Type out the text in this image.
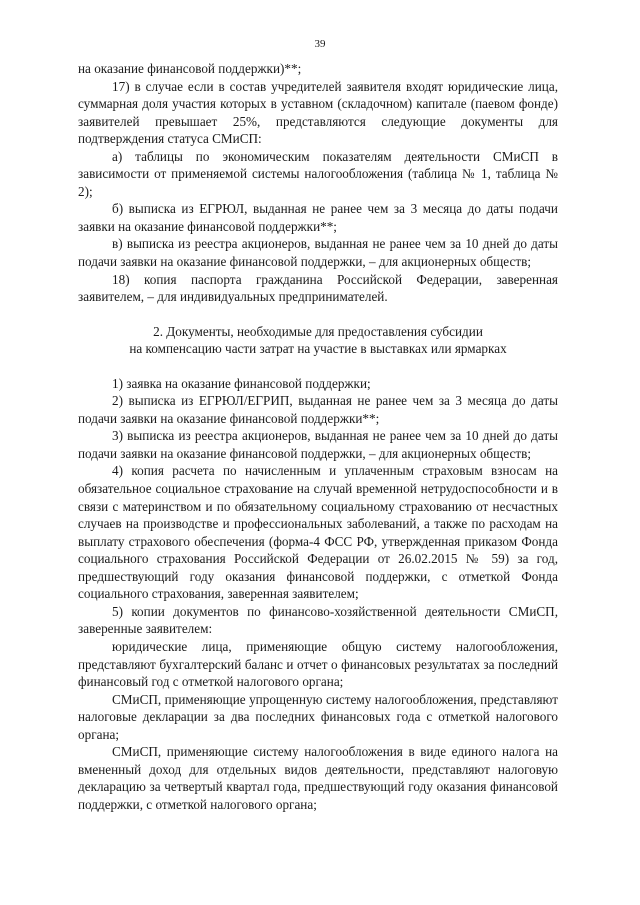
39

на оказание финансовой поддержки)**;

17) в случае если в состав учредителей заявителя входят юридические лица, суммарная доля участия которых в уставном (складочном) капитале (паевом фонде) заявителей превышает 25%, представляются следующие документы для подтверждения статуса СМиСП:

а) таблицы по экономическим показателям деятельности СМиСП в зависимости от применяемой системы налогообложения (таблица № 1, таблица № 2);

б) выписка из ЕГРЮЛ, выданная не ранее чем за 3 месяца до даты подачи заявки на оказание финансовой поддержки**;

в) выписка из реестра акционеров, выданная не ранее чем за 10 дней до даты подачи заявки на оказание финансовой поддержки, – для акционерных обществ;

18) копия паспорта гражданина Российской Федерации, заверенная заявителем, – для индивидуальных предпринимателей.

2. Документы, необходимые для предоставления субсидии

на компенсацию части затрат на участие в выставках или ярмарках

1) заявка на оказание финансовой поддержки;

2) выписка из ЕГРЮЛ/ЕГРИП, выданная не ранее чем за 3 месяца до даты подачи заявки на оказание финансовой поддержки**;

3) выписка из реестра акционеров, выданная не ранее чем за 10 дней до даты подачи заявки на оказание финансовой поддержки, – для акционерных обществ;

4) копия расчета по начисленным и уплаченным страховым взносам на обязательное социальное страхование на случай временной нетрудоспособности и в связи с материнством и по обязательному социальному страхованию от несчастных случаев на производстве и профессиональных заболеваний, а также по расходам на выплату страхового обеспечения (форма-4 ФСС РФ, утвержденная приказом Фонда социального страхования Российской Федерации от 26.02.2015 № 59) за год, предшествующий году оказания финансовой поддержки, с отметкой Фонда социального страхования, заверенная заявителем;

5) копии документов по финансово-хозяйственной деятельности СМиСП, заверенные заявителем:

юридические лица, применяющие общую систему налогообложения, представляют бухгалтерский баланс и отчет о финансовых результатах за последний финансовый год с отметкой налогового органа;

СМиСП, применяющие упрощенную систему налогообложения, представляют налоговые декларации за два последних финансовых года с отметкой налогового органа;

СМиСП, применяющие систему налогообложения в виде единого налога на вмененный доход для отдельных видов деятельности, представляют налоговую декларацию за четвертый квартал года, предшествующий году оказания финансовой поддержки, с отметкой налогового органа;
